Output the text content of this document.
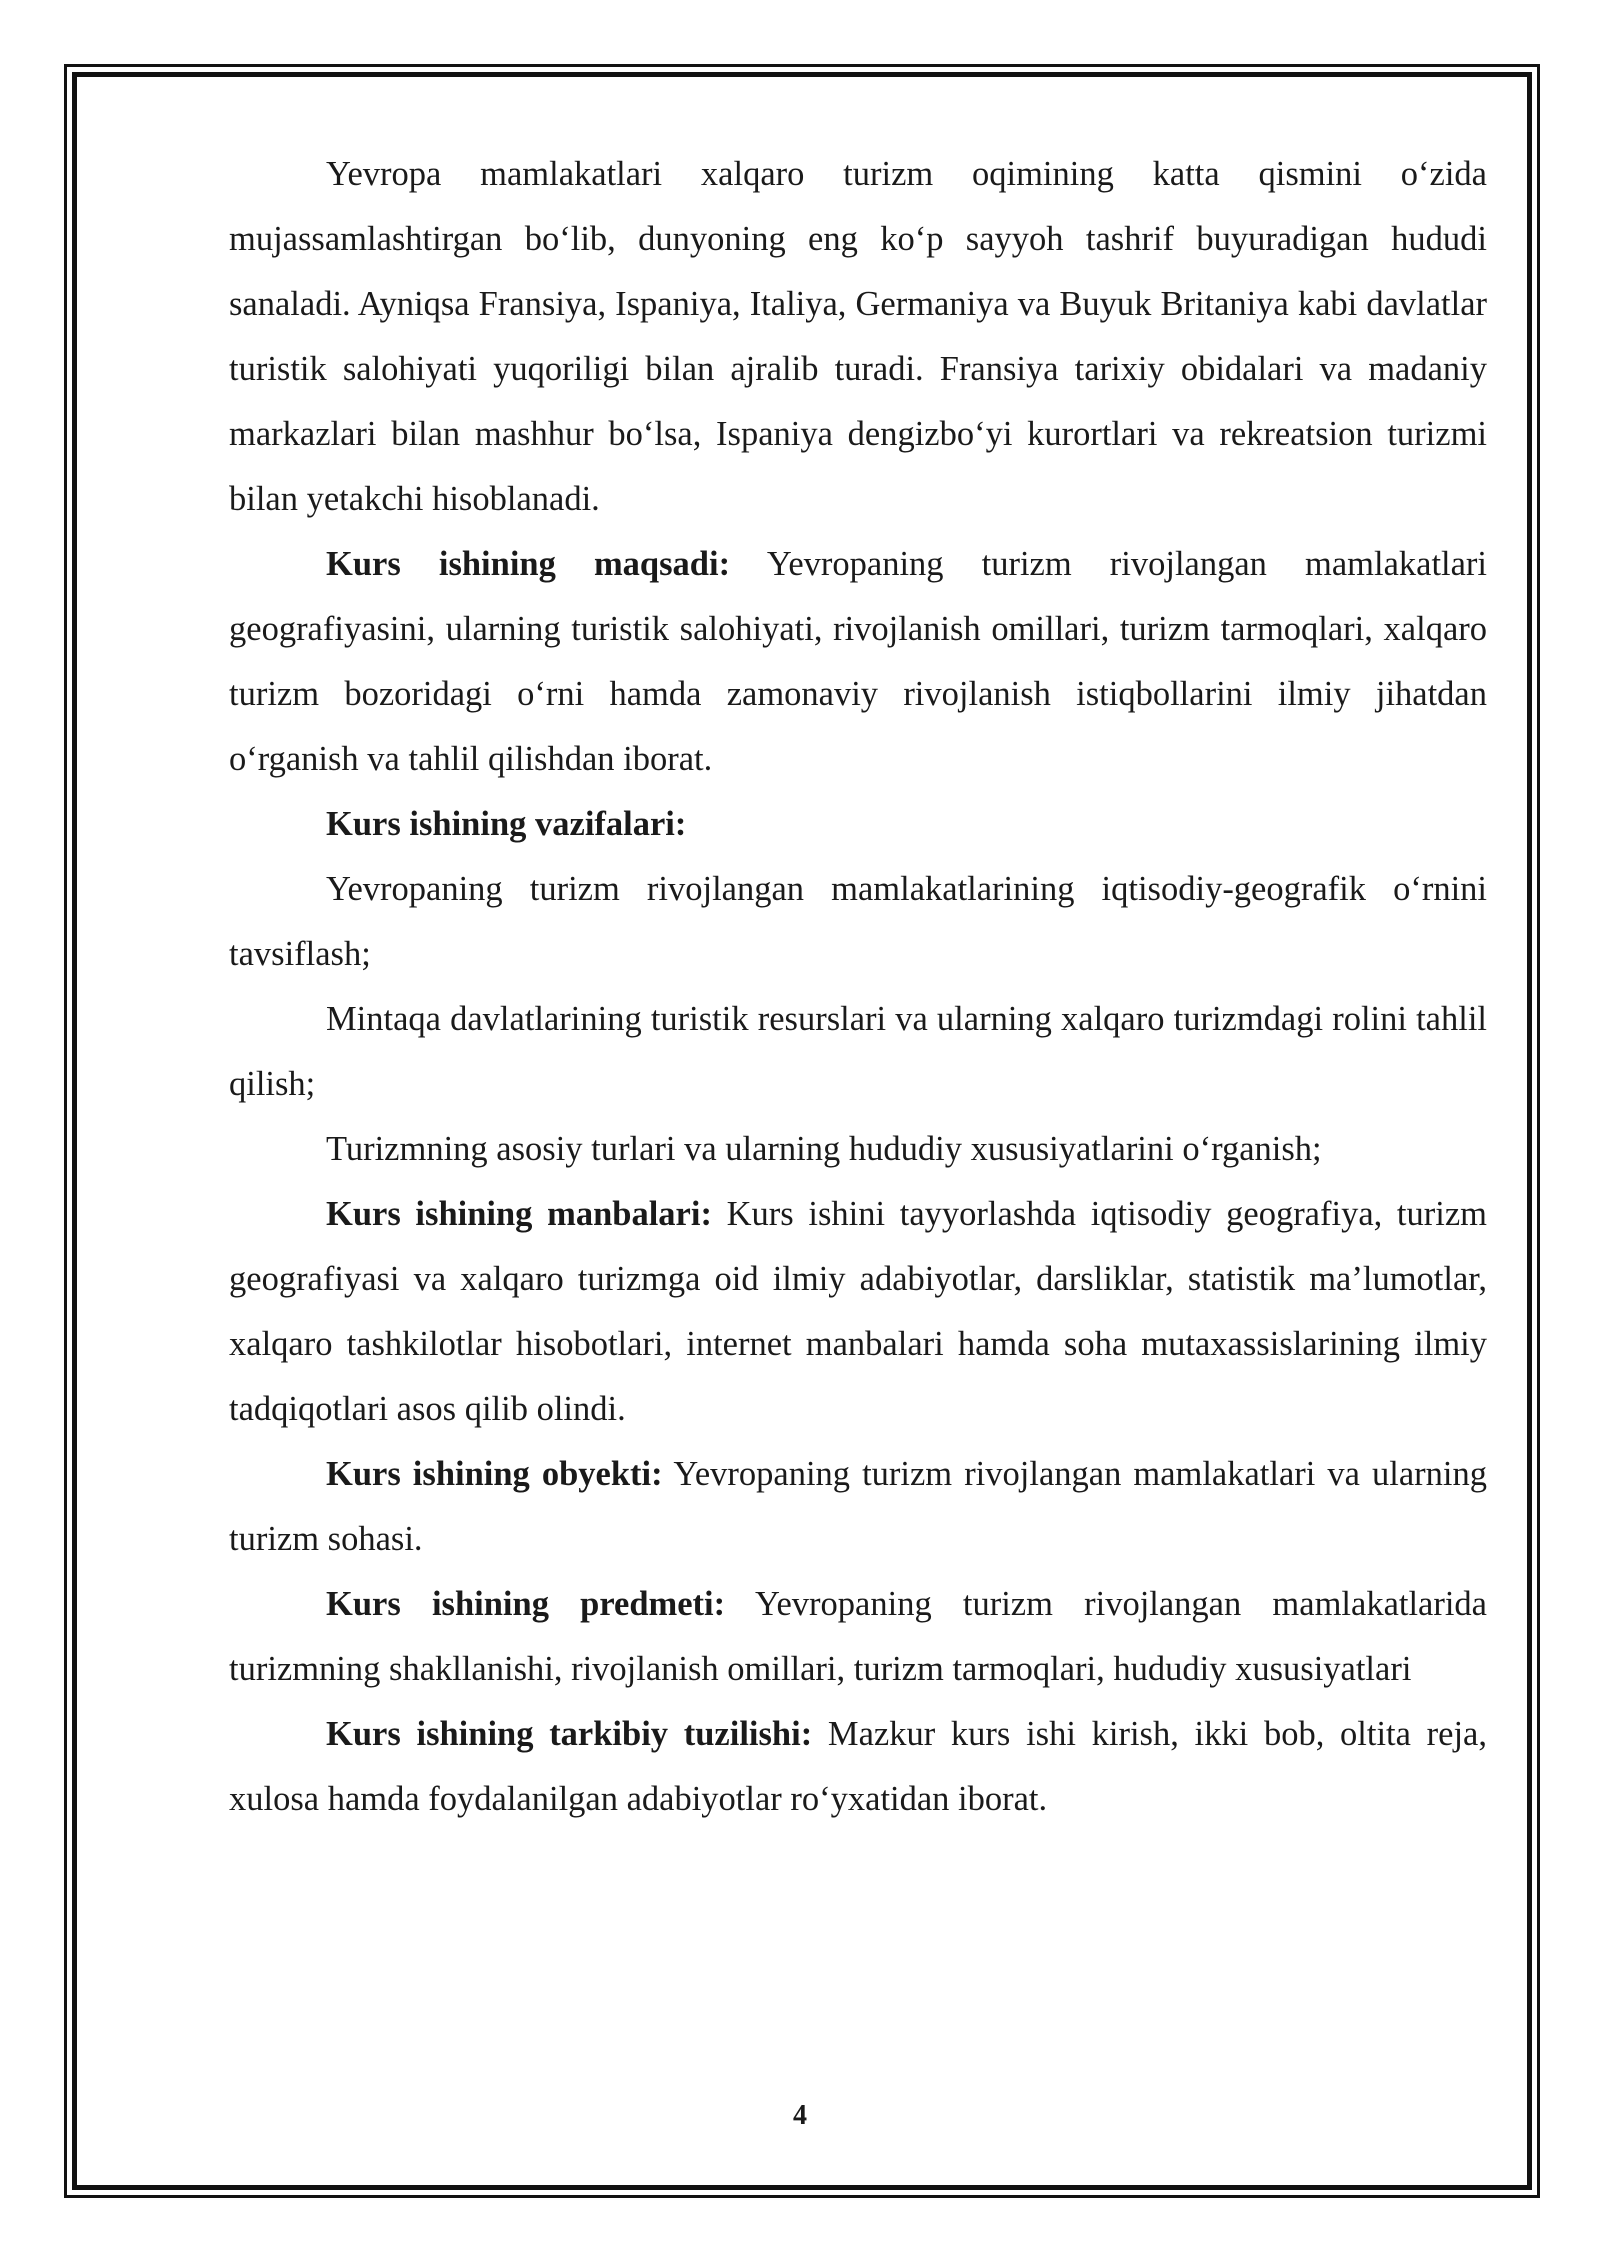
Yevropa mamlakatlari xalqaro turizm oqimining katta qismini o‘zida mujassamlashtirgan bo‘lib, dunyoning eng ko‘p sayyoh tashrif buyuradigan hududi sanaladi. Ayniqsa Fransiya, Ispaniya, Italiya, Germaniya va Buyuk Britaniya kabi davlatlar turistik salohiyati yuqoriligi bilan ajralib turadi. Fransiya tarixiy obidalari va madaniy markazlari bilan mashhur bo‘lsa, Ispaniya dengizbo‘yi kurortlari va rekreatsion turizmi bilan yetakchi hisoblanadi.

Kurs ishining maqsadi: Yevropaning turizm rivojlangan mamlakatlari geografiyasini, ularning turistik salohiyati, rivojlanish omillari, turizm tarmoqlari, xalqaro turizm bozoridagi o‘rni hamda zamonaviy rivojlanish istiqbollarini ilmiy jihatdan o‘rganish va tahlil qilishdan iborat.

Kurs ishining vazifalari:

Yevropaning turizm rivojlangan mamlakatlarining iqtisodiy-geografik o‘rnini tavsiflash;

Mintaqa davlatlarining turistik resurslari va ularning xalqaro turizmdagi rolini tahlil qilish;

Turizmning asosiy turlari va ularning hududiy xususiyatlarini o‘rganish;

Kurs ishining manbalari: Kurs ishini tayyorlashda iqtisodiy geografiya, turizm geografiyasi va xalqaro turizmga oid ilmiy adabiyotlar, darsliklar, statistik ma’lumotlar, xalqaro tashkilotlar hisobotlari, internet manbalari hamda soha mutaxassislarining ilmiy tadqiqotlari asos qilib olindi.

Kurs ishining obyekti: Yevropaning turizm rivojlangan mamlakatlari va ularning turizm sohasi.

Kurs ishining predmeti: Yevropaning turizm rivojlangan mamlakatlarida turizmning shakllanishi, rivojlanish omillari, turizm tarmoqlari, hududiy xususiyatlari

Kurs ishining tarkibiy tuzilishi: Mazkur kurs ishi kirish, ikki bob, oltita reja, xulosa hamda foydalanilgan adabiyotlar ro‘yxatidan iborat.

4
